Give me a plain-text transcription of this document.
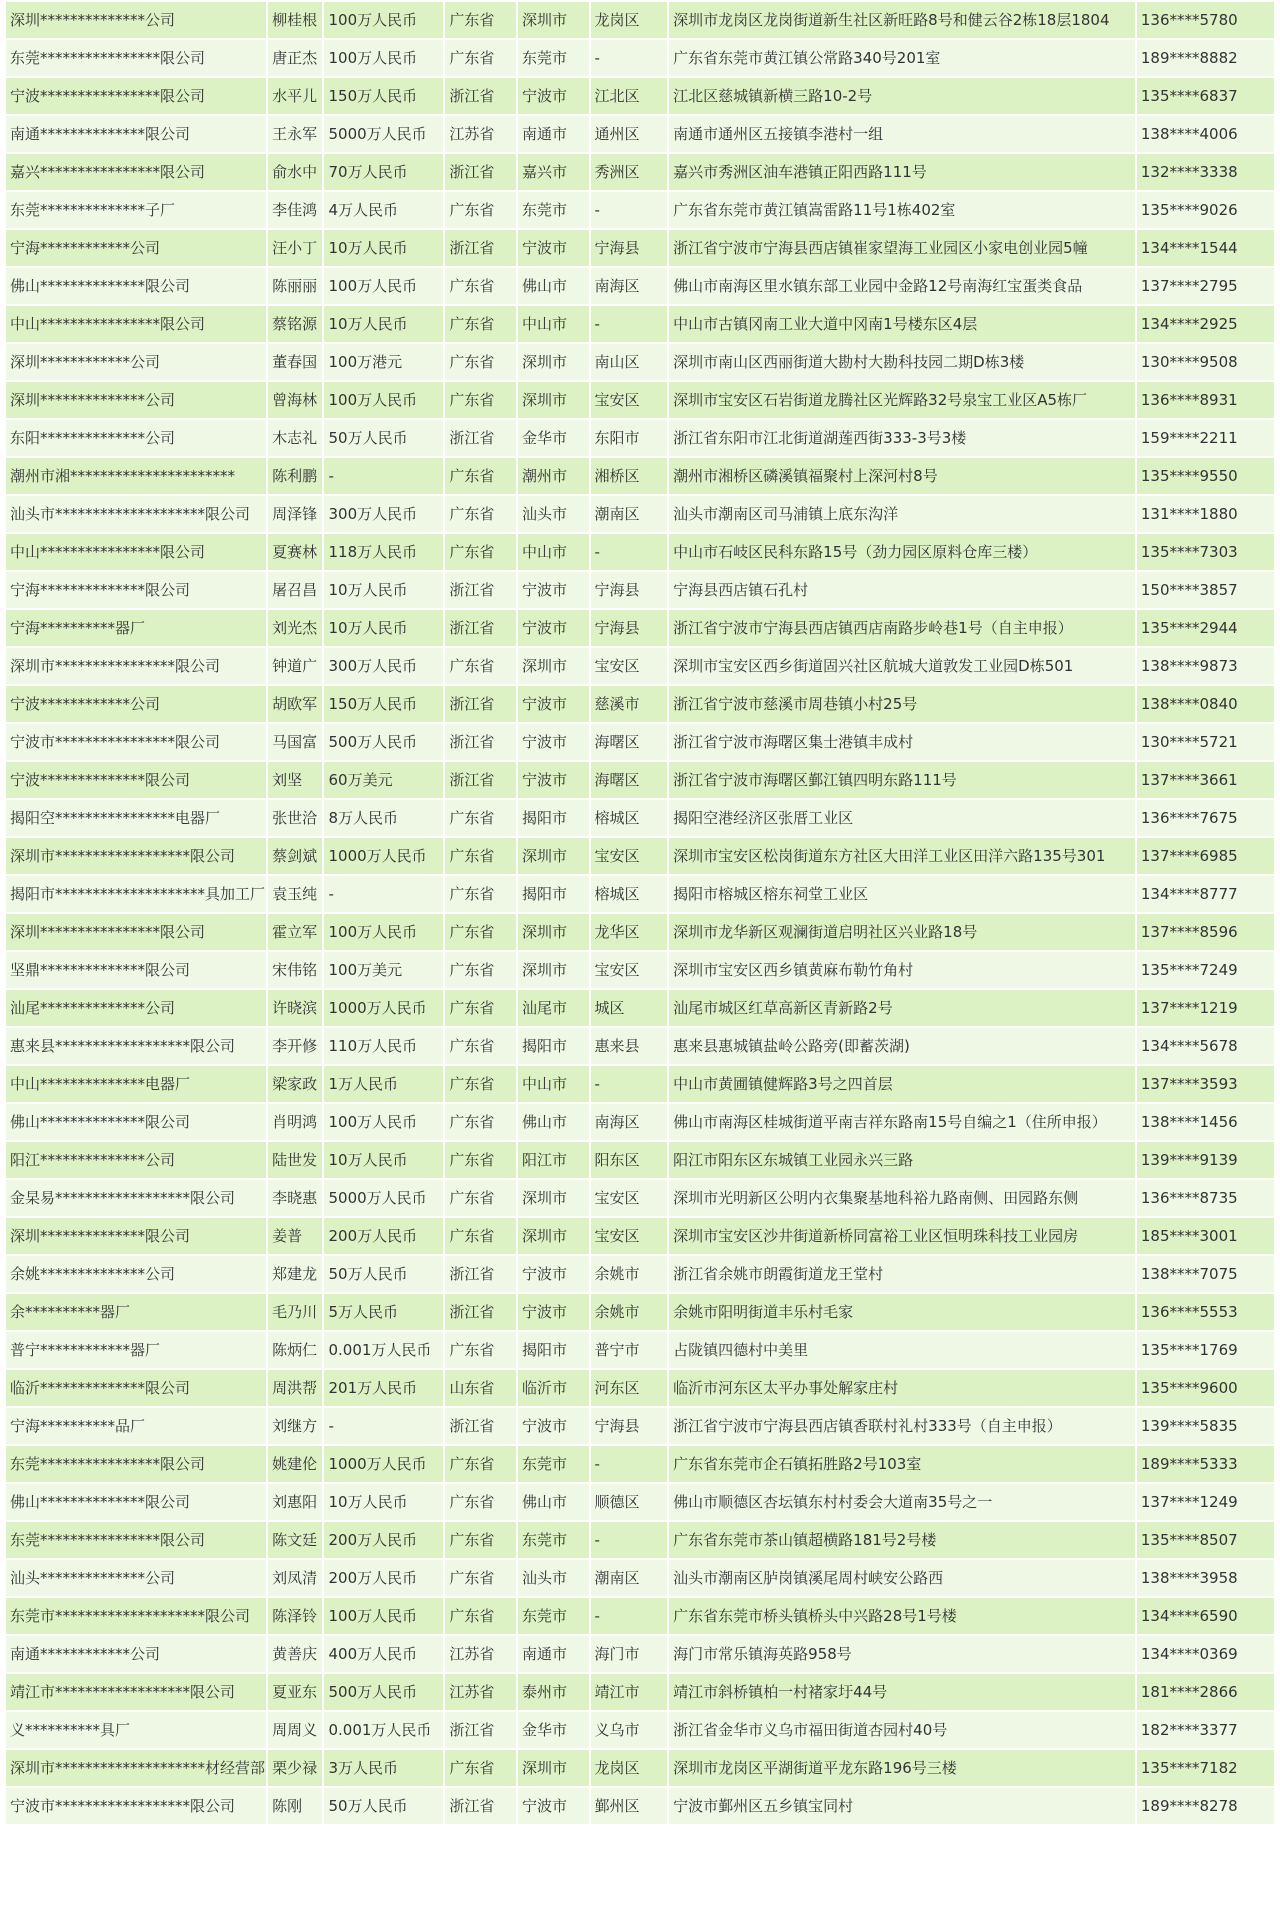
深圳**************公司	柳桂根	100万人民币	广东省	深圳市	龙岗区	深圳市龙岗区龙岗街道新生社区新旺路8号和健云谷2栋18层1804	136****5780
东莞****************限公司	唐正杰	100万人民币	广东省	东莞市	-	广东省东莞市黄江镇公常路340号201室	189****8882
宁波****************限公司	水平儿	150万人民币	浙江省	宁波市	江北区	江北区慈城镇新横三路10-2号	135****6837
南通**************限公司	王永军	5000万人民币	江苏省	南通市	通州区	南通市通州区五接镇李港村一组	138****4006
嘉兴****************限公司	俞水中	70万人民币	浙江省	嘉兴市	秀洲区	嘉兴市秀洲区油车港镇正阳西路111号	132****3338
东莞**************子厂	李佳鸿	4万人民币	广东省	东莞市	-	广东省东莞市黄江镇嵩雷路11号1栋402室	135****9026
宁海************公司	汪小丁	10万人民币	浙江省	宁波市	宁海县	浙江省宁波市宁海县西店镇崔家望海工业园区小家电创业园5幢	134****1544
佛山**************限公司	陈丽丽	100万人民币	广东省	佛山市	南海区	佛山市南海区里水镇东部工业园中金路12号南海红宝蛋类食品	137****2795
中山****************限公司	蔡铭源	10万人民币	广东省	中山市	-	中山市古镇冈南工业大道中冈南1号楼东区4层	134****2925
深圳************公司	董春国	100万港元	广东省	深圳市	南山区	深圳市南山区西丽街道大勘村大勘科技园二期D栋3楼	130****9508
深圳**************公司	曾海林	100万人民币	广东省	深圳市	宝安区	深圳市宝安区石岩街道龙腾社区光辉路32号泉宝工业区A5栋厂	136****8931
东阳**************公司	木志礼	50万人民币	浙江省	金华市	东阳市	浙江省东阳市江北街道湖莲西街333-3号3楼	159****2211
潮州市湘**********************	陈利鹏	-	广东省	潮州市	湘桥区	潮州市湘桥区磷溪镇福聚村上深河村8号	135****9550
汕头市********************限公司	周泽锋	300万人民币	广东省	汕头市	潮南区	汕头市潮南区司马浦镇上底东沟洋	131****1880
中山****************限公司	夏赛林	118万人民币	广东省	中山市	-	中山市石岐区民科东路15号（劲力园区原料仓库三楼）	135****7303
宁海**************限公司	屠召昌	10万人民币	浙江省	宁波市	宁海县	宁海县西店镇石孔村	150****3857
宁海**********器厂	刘光杰	10万人民币	浙江省	宁波市	宁海县	浙江省宁波市宁海县西店镇西店南路步岭巷1号（自主申报）	135****2944
深圳市****************限公司	钟道广	300万人民币	广东省	深圳市	宝安区	深圳市宝安区西乡街道固兴社区航城大道敦发工业园D栋501	138****9873
宁波************公司	胡欧军	150万人民币	浙江省	宁波市	慈溪市	浙江省宁波市慈溪市周巷镇小村25号	138****0840
宁波市****************限公司	马国富	500万人民币	浙江省	宁波市	海曙区	浙江省宁波市海曙区集士港镇丰成村	130****5721
宁波**************限公司	刘坚	60万美元	浙江省	宁波市	海曙区	浙江省宁波市海曙区鄞江镇四明东路111号	137****3661
揭阳空****************电器厂	张世洽	8万人民币	广东省	揭阳市	榕城区	揭阳空港经济区张厝工业区	136****7675
深圳市******************限公司	蔡剑斌	1000万人民币	广东省	深圳市	宝安区	深圳市宝安区松岗街道东方社区大田洋工业区田洋六路135号301	137****6985
揭阳市********************具加工厂	袁玉纯	-	广东省	揭阳市	榕城区	揭阳市榕城区榕东祠堂工业区	134****8777
深圳****************限公司	霍立军	100万人民币	广东省	深圳市	龙华区	深圳市龙华新区观澜街道启明社区兴业路18号	137****8596
坚鼎**************限公司	宋伟铭	100万美元	广东省	深圳市	宝安区	深圳市宝安区西乡镇黄麻布勒竹角村	135****7249
汕尾**************公司	许晓滨	1000万人民币	广东省	汕尾市	城区	汕尾市城区红草高新区青新路2号	137****1219
惠来县******************限公司	李开修	110万人民币	广东省	揭阳市	惠来县	惠来县惠城镇盐岭公路旁(即蓄茨湖)	134****5678
中山**************电器厂	梁家政	1万人民币	广东省	中山市	-	中山市黄圃镇健辉路3号之四首层	137****3593
佛山**************限公司	肖明鸿	100万人民币	广东省	佛山市	南海区	佛山市南海区桂城街道平南吉祥东路南15号自编之1（住所申报）	138****1456
阳江**************公司	陆世发	10万人民币	广东省	阳江市	阳东区	阳江市阳东区东城镇工业园永兴三路	139****9139
金杲易******************限公司	李晓惠	5000万人民币	广东省	深圳市	宝安区	深圳市光明新区公明内衣集聚基地科裕九路南侧、田园路东侧	136****8735
深圳**************限公司	姜普	200万人民币	广东省	深圳市	宝安区	深圳市宝安区沙井街道新桥同富裕工业区恒明珠科技工业园房	185****3001
余姚**************公司	郑建龙	50万人民币	浙江省	宁波市	余姚市	浙江省余姚市朗霞街道龙王堂村	138****7075
余**********器厂	毛乃川	5万人民币	浙江省	宁波市	余姚市	余姚市阳明街道丰乐村毛家	136****5553
普宁************器厂	陈炳仁	0.001万人民币	广东省	揭阳市	普宁市	占陇镇四德村中美里	135****1769
临沂**************限公司	周洪帮	201万人民币	山东省	临沂市	河东区	临沂市河东区太平办事处解家庄村	135****9600
宁海**********品厂	刘继方	-	浙江省	宁波市	宁海县	浙江省宁波市宁海县西店镇香联村礼村333号（自主申报）	139****5835
东莞****************限公司	姚建伦	1000万人民币	广东省	东莞市	-	广东省东莞市企石镇拓胜路2号103室	189****5333
佛山**************限公司	刘惠阳	10万人民币	广东省	佛山市	顺德区	佛山市顺德区杏坛镇东村村委会大道南35号之一	137****1249
东莞****************限公司	陈文廷	200万人民币	广东省	东莞市	-	广东省东莞市茶山镇超横路181号2号楼	135****8507
汕头**************公司	刘凤清	200万人民币	广东省	汕头市	潮南区	汕头市潮南区胪岗镇溪尾周村峡安公路西	138****3958
东莞市********************限公司	陈泽铃	100万人民币	广东省	东莞市	-	广东省东莞市桥头镇桥头中兴路28号1号楼	134****6590
南通************公司	黄善庆	400万人民币	江苏省	南通市	海门市	海门市常乐镇海英路958号	134****0369
靖江市******************限公司	夏亚东	500万人民币	江苏省	泰州市	靖江市	靖江市斜桥镇柏一村褚家圩44号	181****2866
义**********具厂	周周义	0.001万人民币	浙江省	金华市	义乌市	浙江省金华市义乌市福田街道杏园村40号	182****3377
深圳市********************材经营部	栗少禄	3万人民币	广东省	深圳市	龙岗区	深圳市龙岗区平湖街道平龙东路196号三楼	135****7182
宁波市******************限公司	陈刚	50万人民币	浙江省	宁波市	鄞州区	宁波市鄞州区五乡镇宝同村	189****8278
